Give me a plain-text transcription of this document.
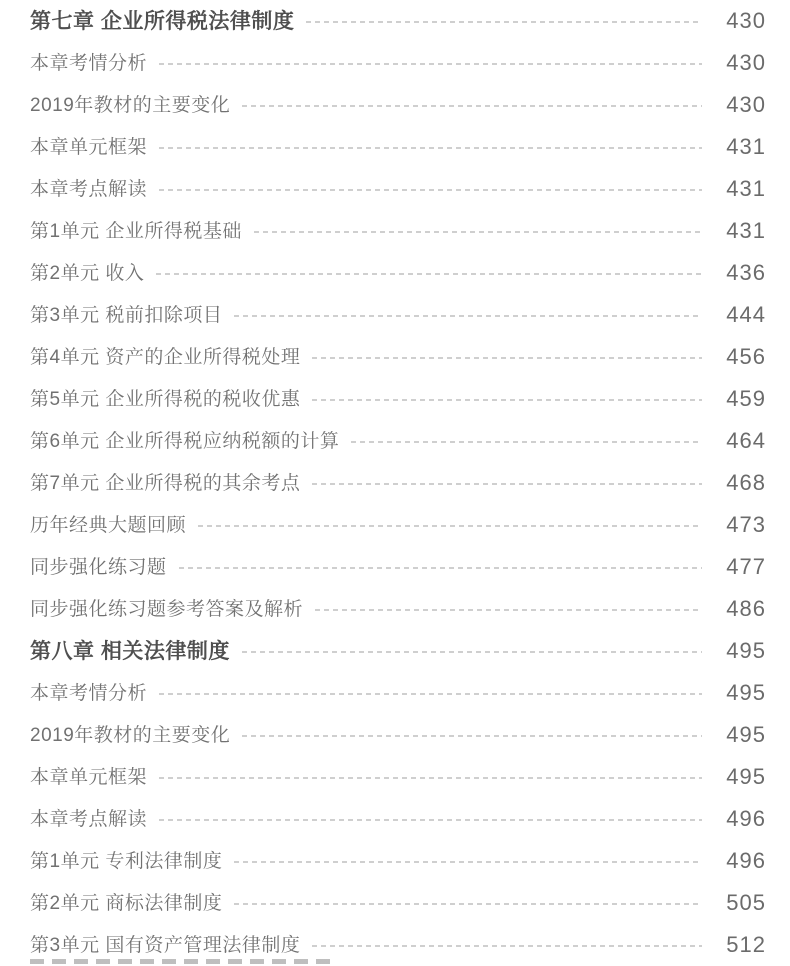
第七章 企业所得税法律制度	430
本章考情分析	430
2019年教材的主要变化	430
本章单元框架	431
本章考点解读	431
第1单元 企业所得税基础	431
第2单元 收入	436
第3单元 税前扣除项目	444
第4单元 资产的企业所得税处理	456
第5单元 企业所得税的税收优惠	459
第6单元 企业所得税应纳税额的计算	464
第7单元 企业所得税的其余考点	468
历年经典大题回顾	473
同步强化练习题	477
同步强化练习题参考答案及解析	486
第八章 相关法律制度	495
本章考情分析	495
2019年教材的主要变化	495
本章单元框架	495
本章考点解读	496
第1单元 专利法律制度	496
第2单元 商标法律制度	505
第3单元 国有资产管理法律制度	512
